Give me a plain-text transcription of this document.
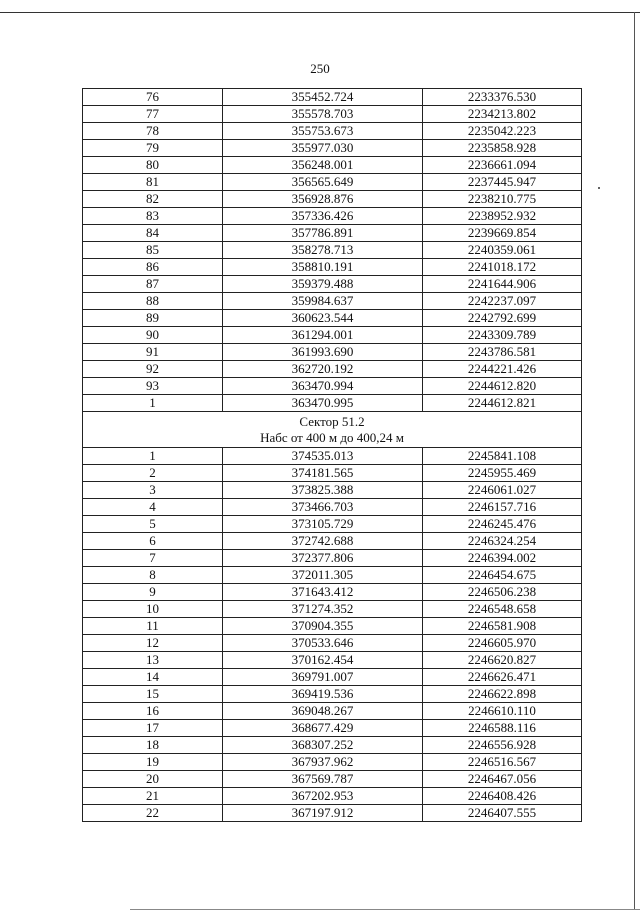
250
76	355452.724	2233376.530
77	355578.703	2234213.802
78	355753.673	2235042.223
79	355977.030	2235858.928
80	356248.001	2236661.094
81	356565.649	2237445.947
82	356928.876	2238210.775
83	357336.426	2238952.932
84	357786.891	2239669.854
85	358278.713	2240359.061
86	358810.191	2241018.172
87	359379.488	2241644.906
88	359984.637	2242237.097
89	360623.544	2242792.699
90	361294.001	2243309.789
91	361993.690	2243786.581
92	362720.192	2244221.426
93	363470.994	2244612.820
1	363470.995	2244612.821

Сектор 51.2
Набс от 400 м до 400,24 м		

1	374535.013	2245841.108
2	374181.565	2245955.469
3	373825.388	2246061.027
4	373466.703	2246157.716
5	373105.729	2246245.476
6	372742.688	2246324.254
7	372377.806	2246394.002
8	372011.305	2246454.675
9	371643.412	2246506.238
10	371274.352	2246548.658
11	370904.355	2246581.908
12	370533.646	2246605.970
13	370162.454	2246620.827
14	369791.007	2246626.471
15	369419.536	2246622.898
16	369048.267	2246610.110
17	368677.429	2246588.116
18	368307.252	2246556.928
19	367937.962	2246516.567
20	367569.787	2246467.056
21	367202.953	2246408.426
22	367197.912	2246407.555
